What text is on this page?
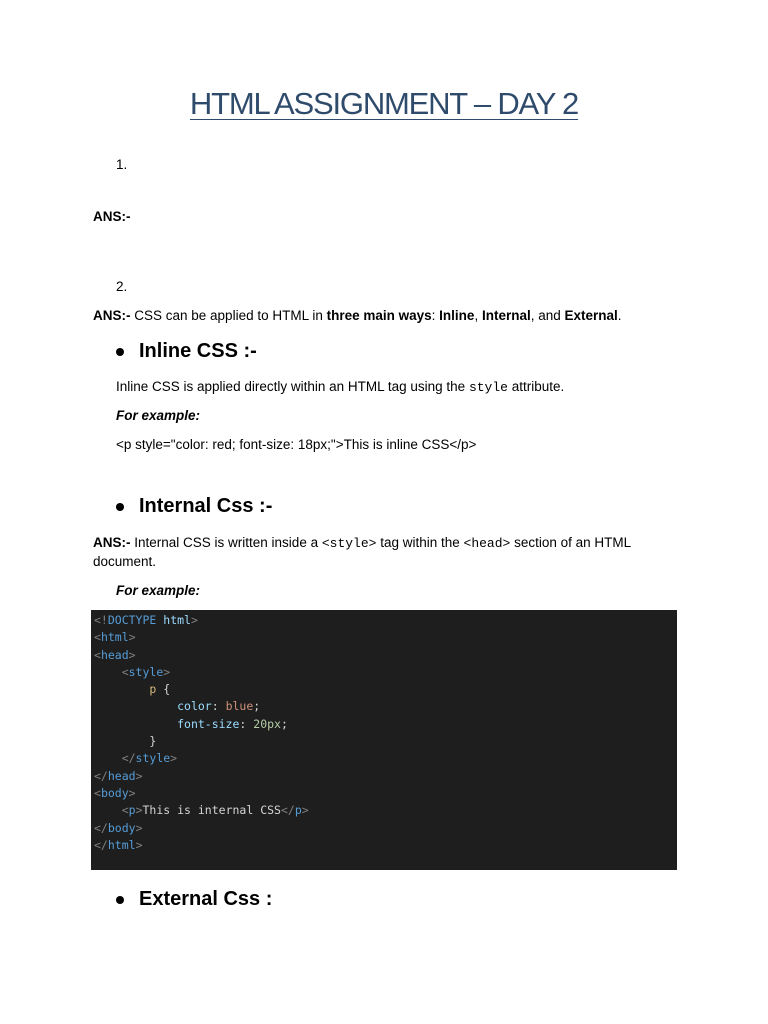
HTML ASSIGNMENT – DAY 2
1.
ANS:-
2.
ANS:- CSS can be applied to HTML in three main ways: Inline, Internal, and External.
Inline CSS :-
Inline CSS is applied directly within an HTML tag using the style attribute.
For example:
<p style="color: red; font-size: 18px;">This is inline CSS</p>
Internal Css :-
ANS:- Internal CSS is written inside a <style> tag within the <head> section of an HTML
document.
For example:
<!DOCTYPE html>
<html>
<head>
<style>
p {
color: blue;
font-size: 20px;
}
</style>
</head>
<body>
<p>This is internal CSS</p>
</body>
</html>
External Css :
